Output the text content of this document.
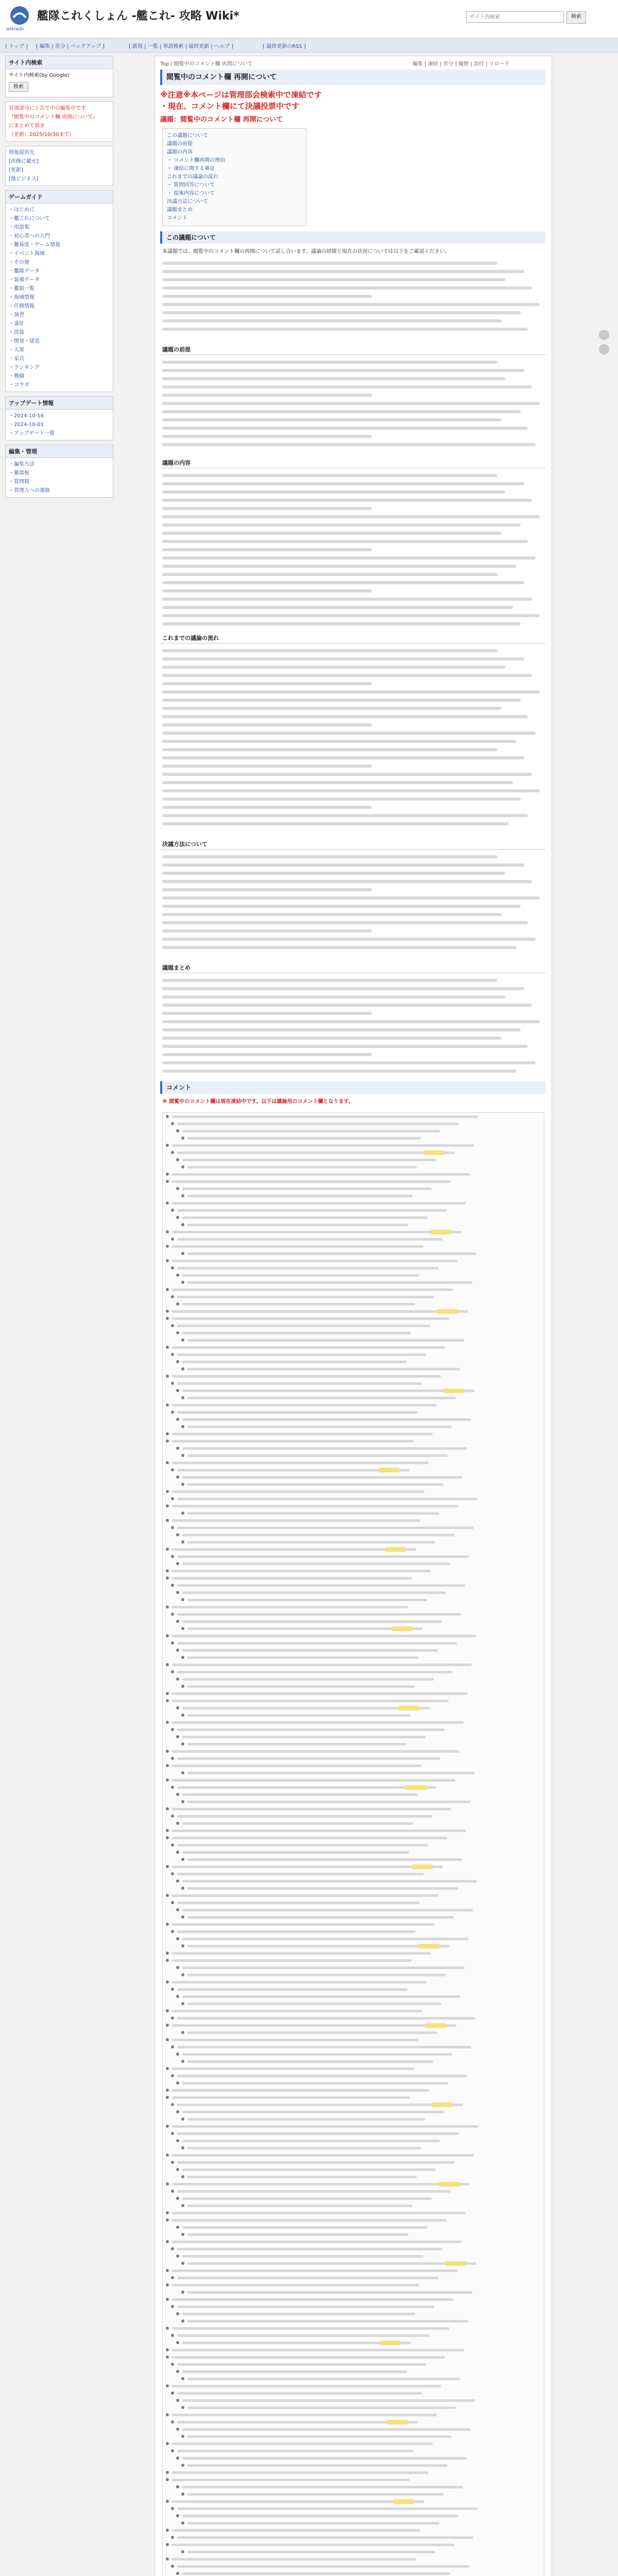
wikiwiki
艦隊これくしょん -艦これ- 攻略 Wiki*
サイト内検索	検索
[ トップ ] [ 編集 | 差分 | バックアップ ]	[ 新規 | 一覧 | 単語検索 | 最終更新 | ヘルプ ]	[ 最終更新のRSS ]
サイト内検索
サイト内検索(by Google)
検索
冒頭部分に上告で中の編集中です
『閲覧中のコメント欄 再開について』
にまとめて頂き
（更新：2025/10/30まで）
情報提供先
[改修に載せ]
[更新]
[他ビジネス]
ゲームガイド
・はじめに
・艦これについて
・用語集
・初心者への入門
・難易度・ゲーム情報
・イベント海域
・その他
・艦隊データ
・装備データ
・艦娘一覧
・海域情報
・任務情報
・演習
・遠征
・改装
・開発・建造
・入渠
・家具
・ランキング
・戦績
・コラボ
アップデート情報
・2024-10-16
・2024-10-01
・アップデート一覧
編集・管理
・編集方法
・雑談板
・質問箱
・管理人への連絡
Top / 閲覧中のコメント欄 再開について	編集 | 凍結 | 差分 | 履歴 | 添付 | リロード
閲覧中のコメント欄 再開について
※注意※本ページは管理部会検索中で凍結です
・現在、コメント欄にて決議投票中です
議題：閲覧中のコメント欄 再開について
この議題について
議題の前提
議題の内容
・ コメント欄再開の理由
・ 凍結に関する補足
これまでの議論の流れ
・ 質問回答について
・ 提案内容について
決議方法について
議題まとめ
コメント
この議題について
本議題では、閲覧中のコメント欄の再開について話し合います。議論の経緯と現在の状況については以下をご確認ください。
議題の前提
議題の内容
これまでの議論の流れ
決議方法について
議題まとめ
コメント
※ 閲覧中のコメント欄は現在凍結中です。以下は議論用のコメント欄となります。
